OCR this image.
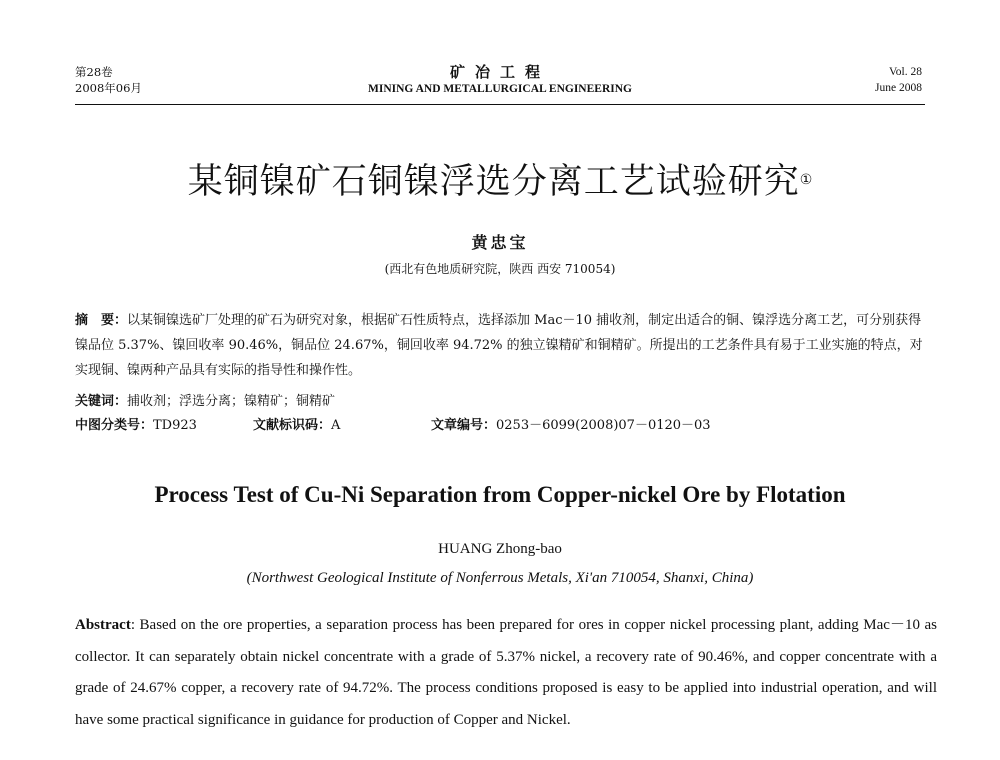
第28卷
2008年06月
矿冶工程
MINING AND METALLURGICAL ENGINEERING
Vol. 28
June 2008
某铜镍矿石铜镍浮选分离工艺试验研究①
黄忠宝
(西北有色地质研究院，陕西 西安 710054)
摘　要：以某铜镍选矿厂处理的矿石为研究对象，根据矿石性质特点，选择添加 Mac－10 捕收剂，制定出适合的铜、镍浮选分离工艺，可分别获得镍品位 5.37%、镍回收率 90.46%，铜品位 24.67%，铜回收率 94.72% 的独立镍精矿和铜精矿。所提出的工艺条件具有易于工业实施的特点，对实现铜、镍两种产品具有实际的指导性和操作性。
关键词：捕收剂；浮选分离；镍精矿；铜精矿
中图分类号：TD923	文献标识码：A	文章编号：0253－6099(2008)07－0120－03
Process Test of Cu-Ni Separation from Copper-nickel Ore by Flotation
HUANG Zhong-bao
(Northwest Geological Institute of Nonferrous Metals, Xi'an 710054, Shanxi, China)
Abstract: Based on the ore properties, a separation process has been prepared for ores in copper nickel processing plant, adding Mac－10 as collector. It can separately obtain nickel concentrate with a grade of 5.37% nickel, a recovery rate of 90.46%, and copper concentrate with a grade of 24.67% copper, a recovery rate of 94.72%. The process conditions proposed is easy to be applied into industrial operation, and will have some practical significance in guidance for production of Copper and Nickel.
